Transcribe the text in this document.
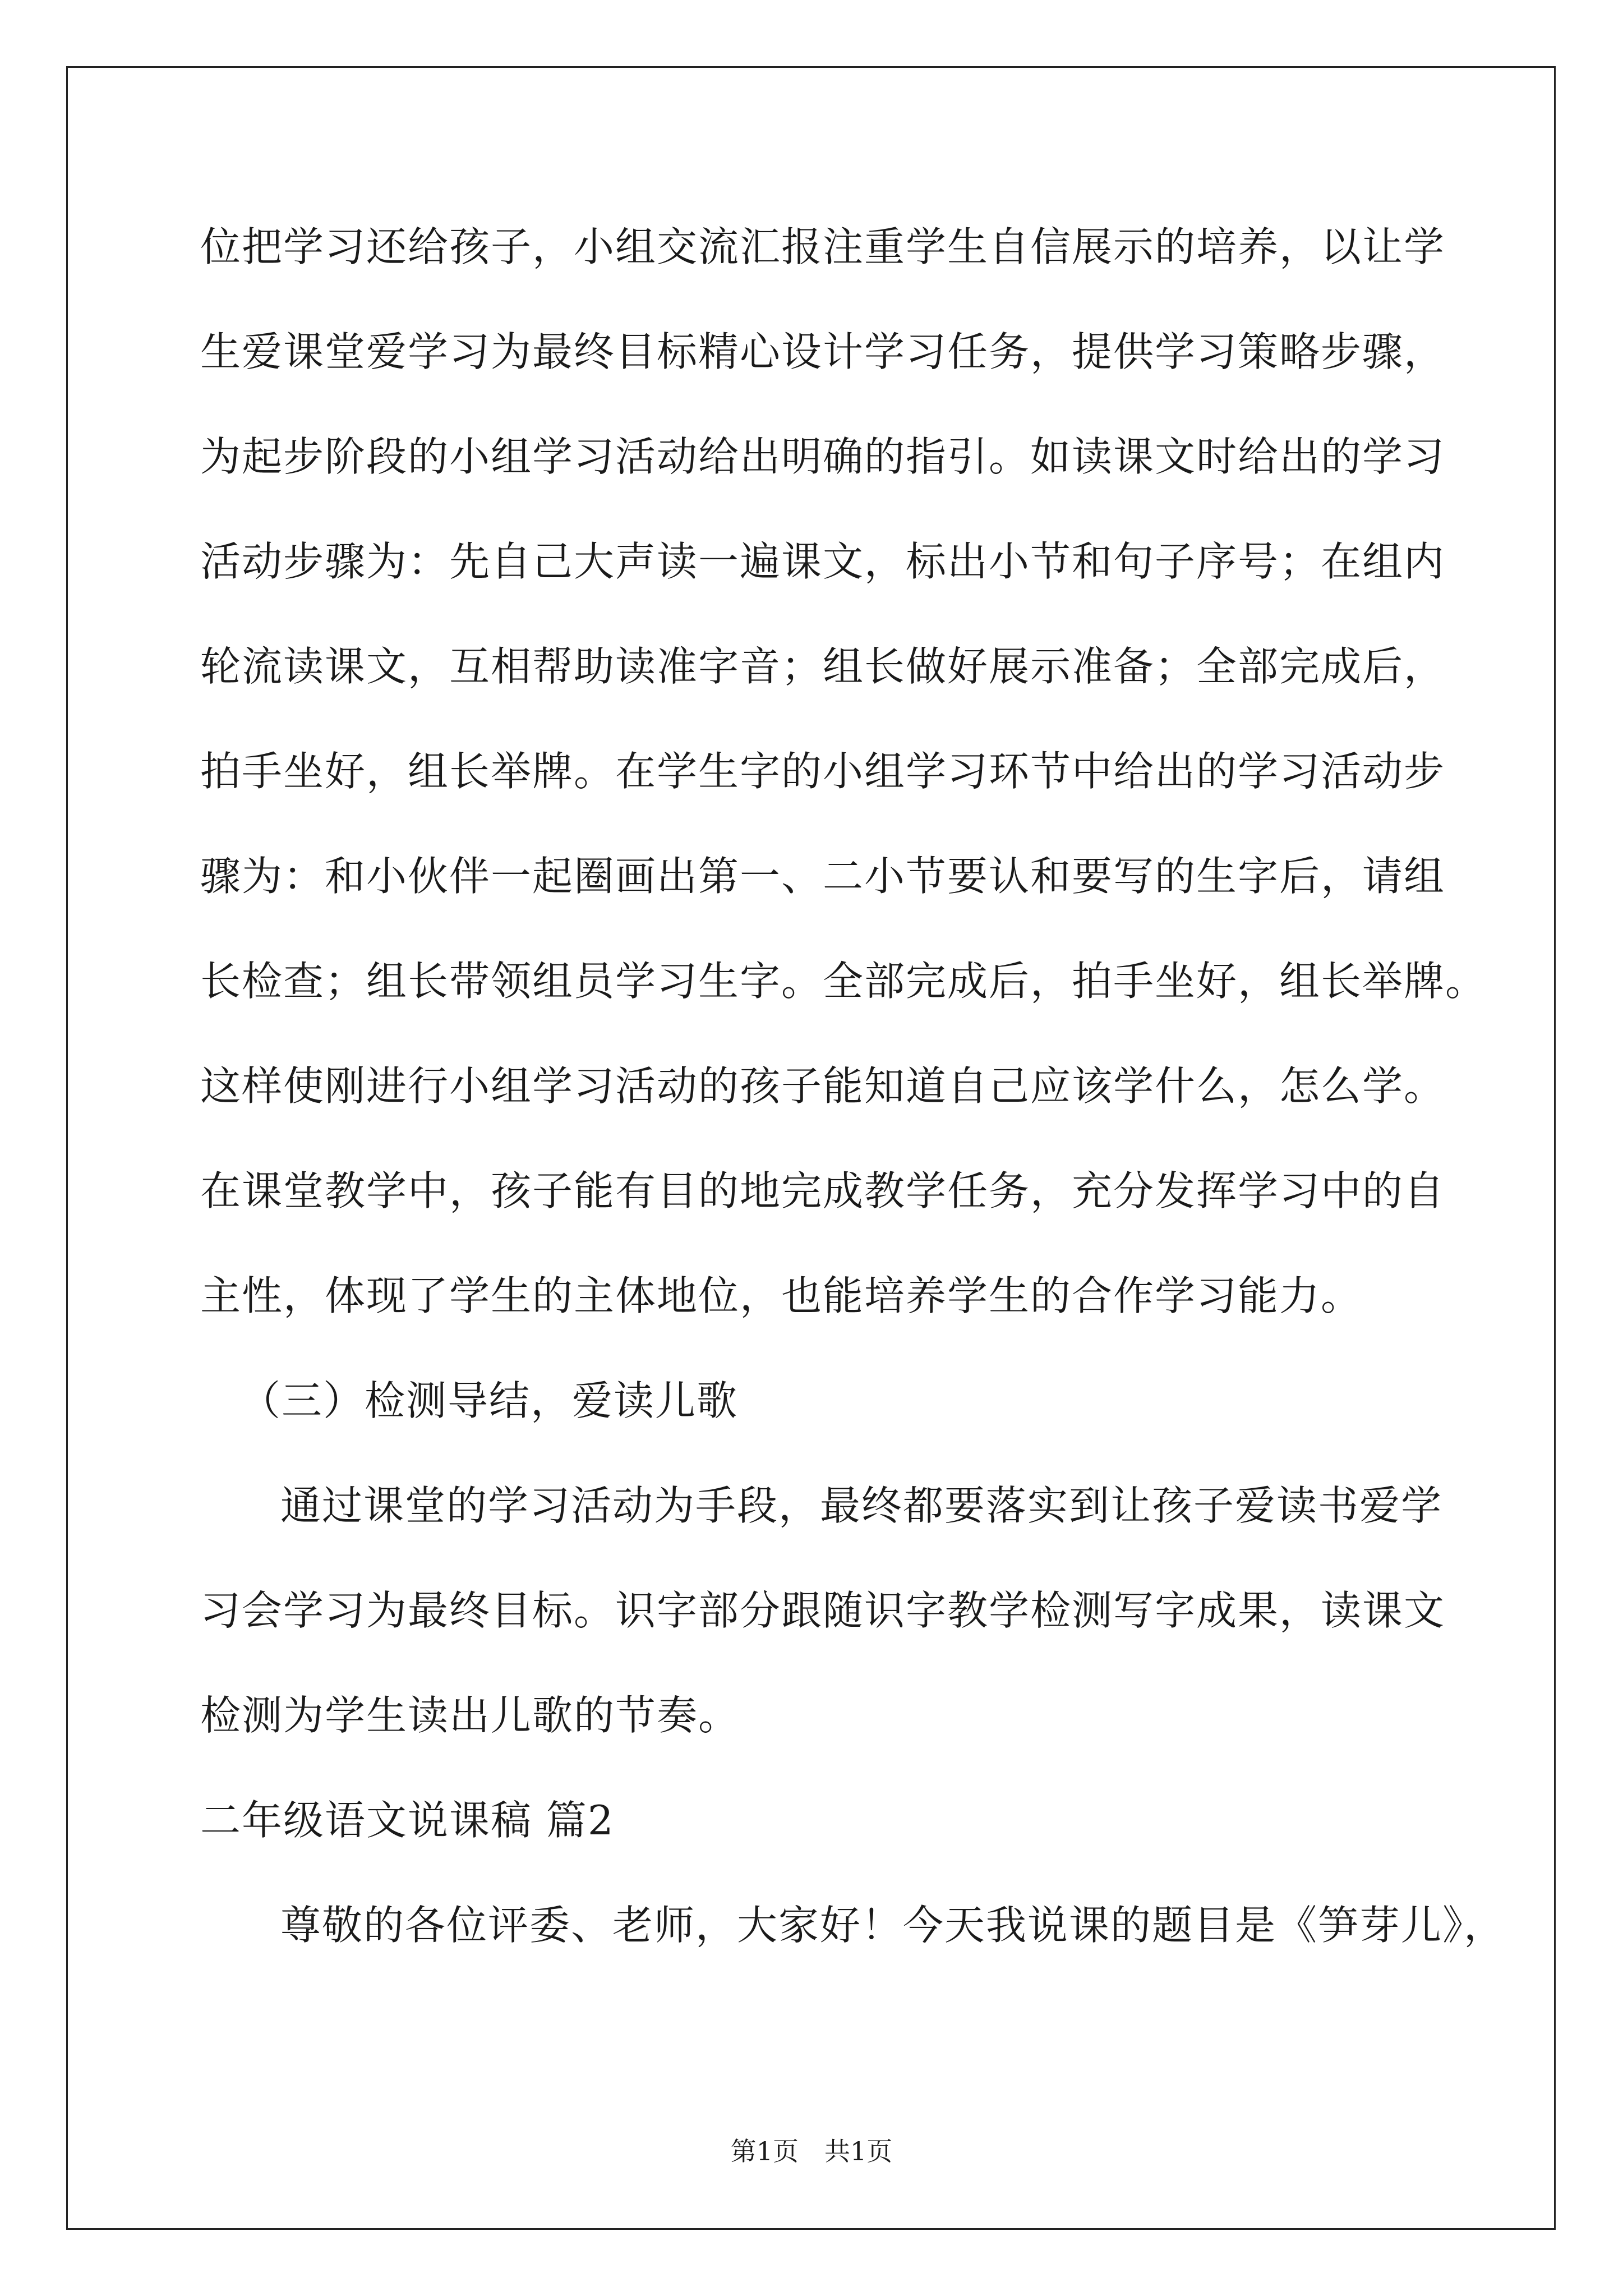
位把学习还给孩子，小组交流汇报注重学生自信展示的培养，以让学
生爱课堂爱学习为最终目标精心设计学习任务，提供学习策略步骤，
为起步阶段的小组学习活动给出明确的指引。如读课文时给出的学习
活动步骤为：先自己大声读一遍课文，标出小节和句子序号；在组内
轮流读课文，互相帮助读准字音；组长做好展示准备；全部完成后，
拍手坐好，组长举牌。在学生字的小组学习环节中给出的学习活动步
骤为：和小伙伴一起圈画出第一、二小节要认和要写的生字后，请组
长检查；组长带领组员学习生字。全部完成后，拍手坐好，组长举牌。
这样使刚进行小组学习活动的孩子能知道自己应该学什么，怎么学。
在课堂教学中，孩子能有目的地完成教学任务，充分发挥学习中的自
主性，体现了学生的主体地位，也能培养学生的合作学习能力。
（三）检测导结，爱读儿歌
通过课堂的学习活动为手段，最终都要落实到让孩子爱读书爱学
习会学习为最终目标。识字部分跟随识字教学检测写字成果，读课文
检测为学生读出儿歌的节奏。
二年级语文说课稿 篇2
尊敬的各位评委、老师，大家好！今天我说课的题目是《笋芽儿》，
第1页　共1页
